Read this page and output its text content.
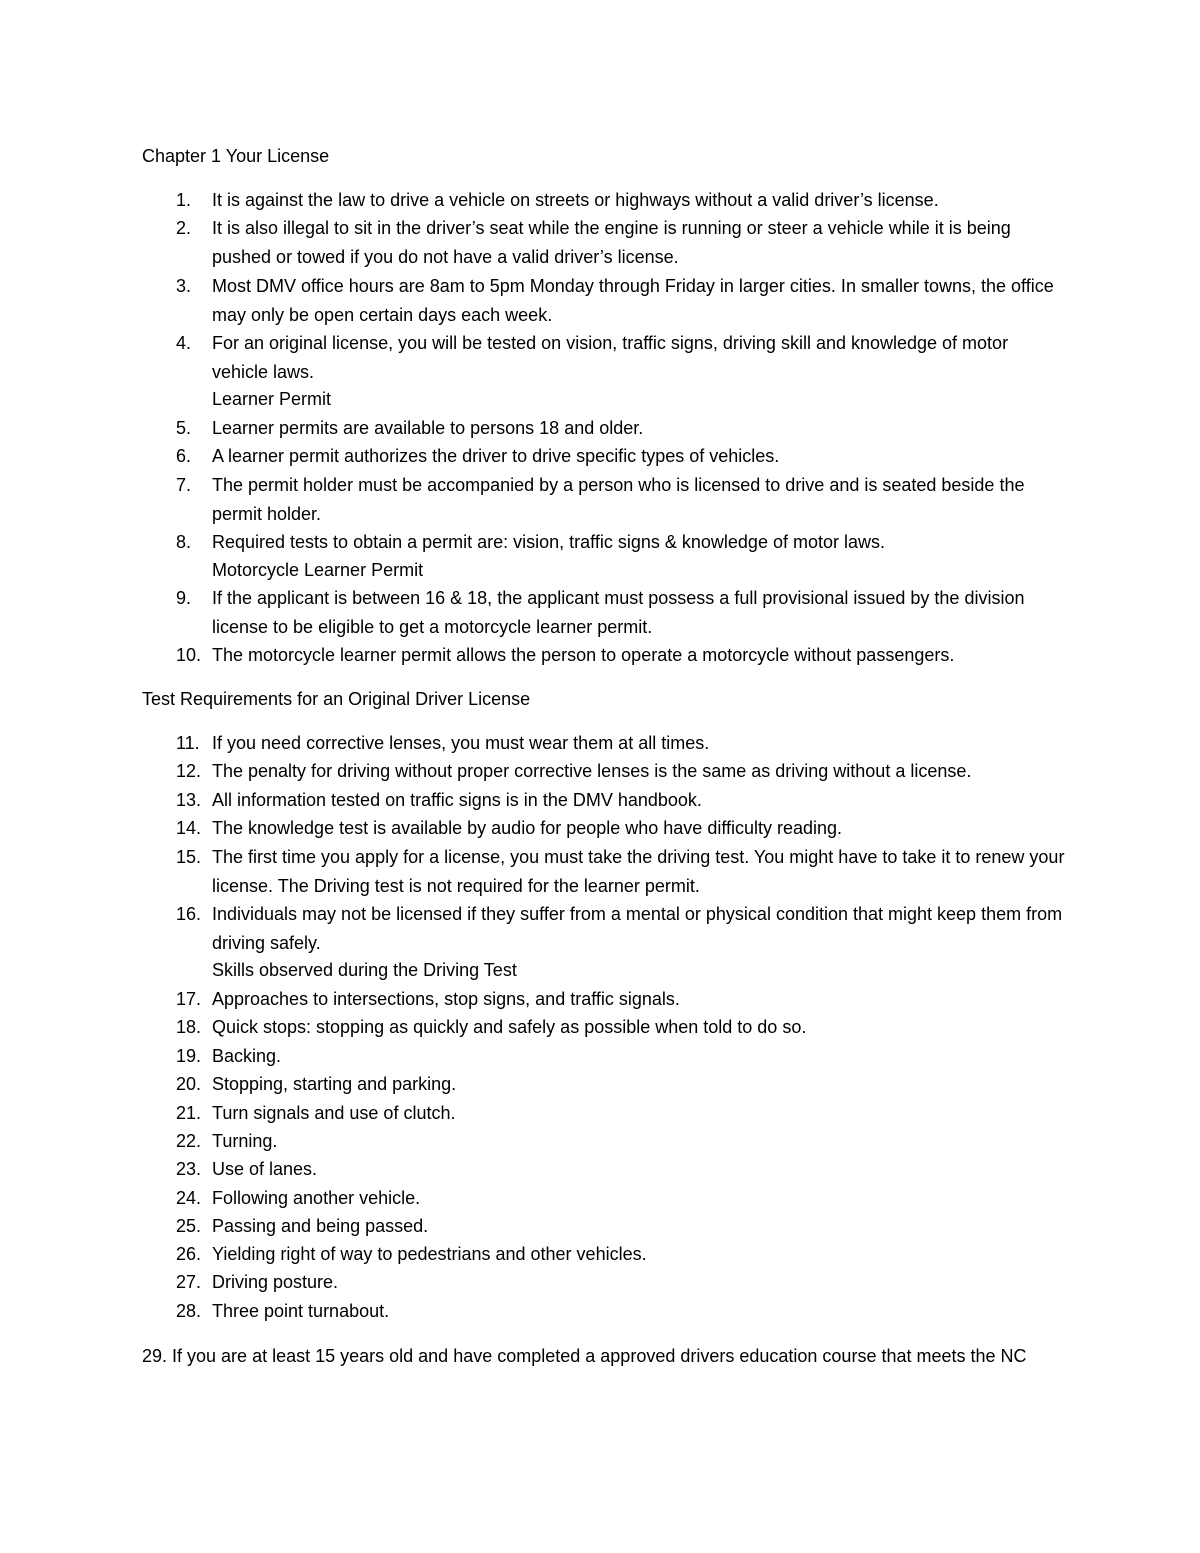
Chapter 1 Your License
1.	It is against the law to drive a vehicle on streets or highways without a valid driver’s license.
2.	It is also illegal to sit in the driver’s seat while the engine is running or steer a vehicle while it is being pushed or towed if you do not have a valid driver’s license.
3.	Most DMV office hours are 8am to 5pm Monday through Friday in larger cities. In smaller towns, the office may only be open certain days each week.
4.	For an original license, you will be tested on vision, traffic signs, driving skill and knowledge of motor vehicle laws.
Learner Permit
5.	Learner permits are available to persons 18 and older.
6.	A learner permit authorizes the driver to drive specific types of vehicles.
7.	The permit holder must be accompanied by a person who is licensed to drive and is seated beside the permit holder.
8.	Required tests to obtain a permit are: vision, traffic signs & knowledge of motor laws.
Motorcycle Learner Permit
9.	If the applicant is between 16 & 18, the applicant must possess a full provisional issued by the division license to be eligible to get a motorcycle learner permit.
10. The motorcycle learner permit allows the person to operate a motorcycle without passengers.
Test Requirements for an Original Driver License
11. If you need corrective lenses, you must wear them at all times.
12. The penalty for driving without proper corrective lenses is the same as driving without a license.
13. All information tested on traffic signs is in the DMV handbook.
14. The knowledge test is available by audio for people who have difficulty reading.
15. The first time you apply for a license, you must take the driving test. You might have to take it to renew your license. The Driving test is not required for the learner permit.
16. Individuals may not be licensed if they suffer from a mental or physical condition that might keep them from driving safely.
Skills observed during the Driving Test
17. Approaches to intersections, stop signs, and traffic signals.
18. Quick stops: stopping as quickly and safely as possible when told to do so.
19. Backing.
20. Stopping, starting and parking.
21. Turn signals and use of clutch.
22. Turning.
23. Use of lanes.
24. Following another vehicle.
25. Passing and being passed.
26. Yielding right of way to pedestrians and other vehicles.
27. Driving posture.
28. Three point turnabout.
29. If you are at least 15 years old and have completed a approved drivers education course that meets the NC
